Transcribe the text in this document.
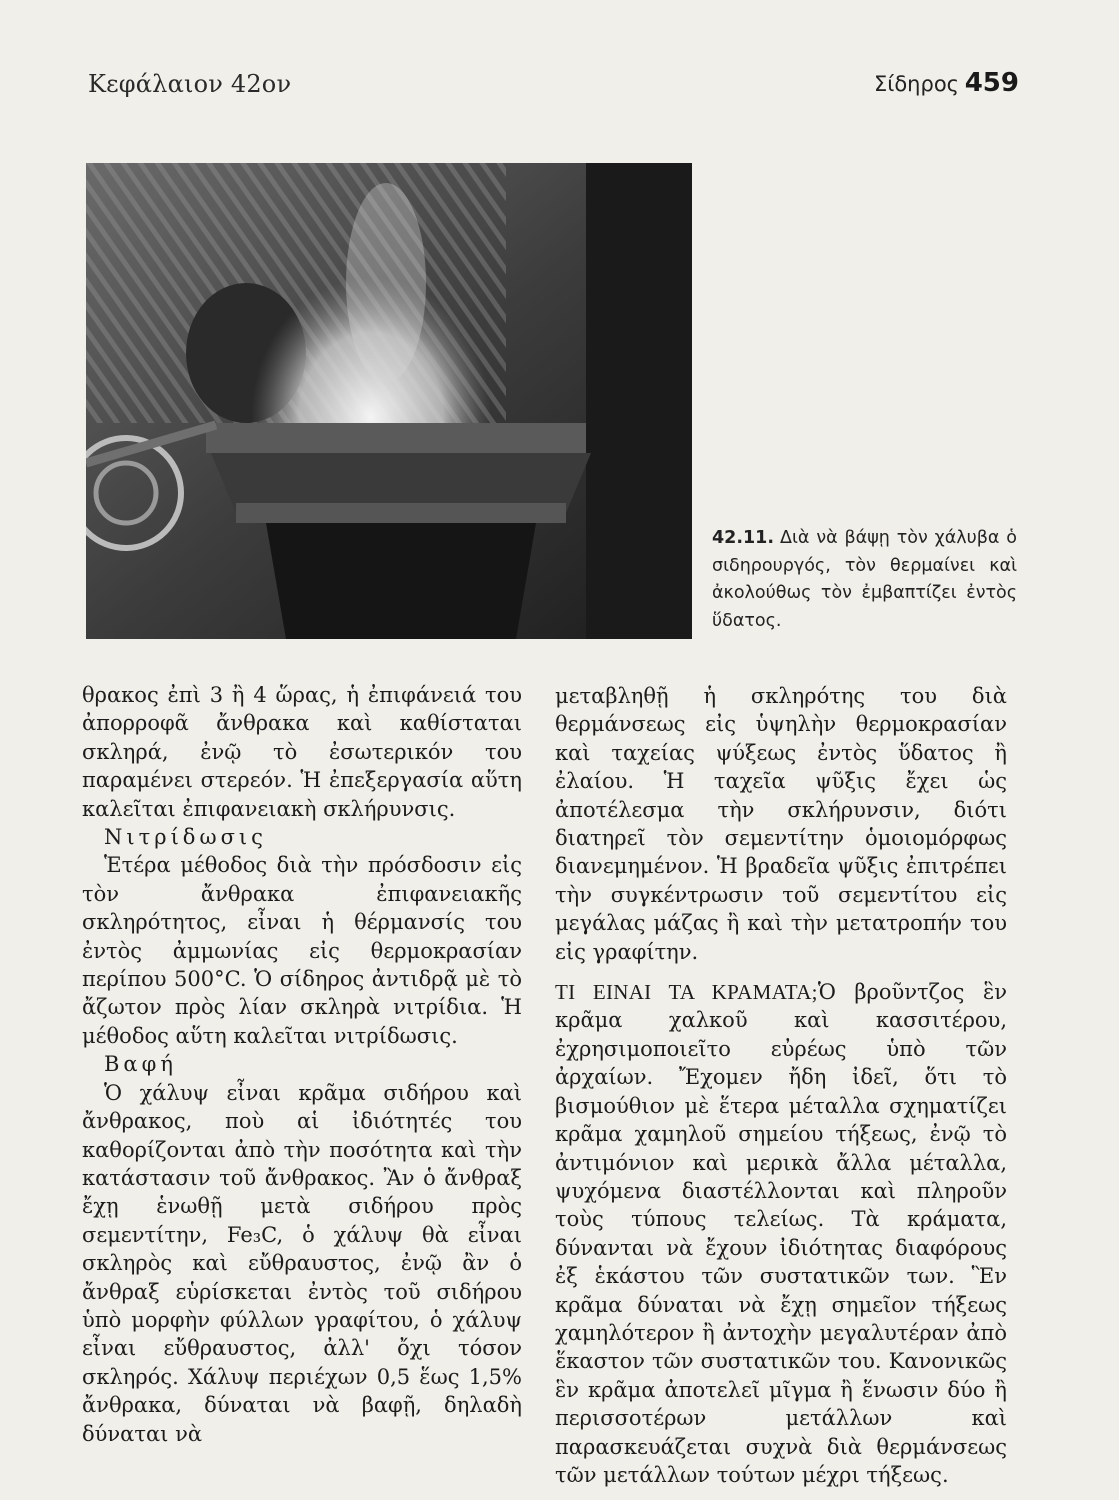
Κεφάλαιον 42ον	Σίδηρος 459
42.11. Διὰ νὰ βάψῃ τὸν χάλυβα ὁ σιδηρουργός, τὸν θερμαίνει καὶ ἀκολούθως τὸν ἐμβαπτίζει ἐντὸς ὕδατος.

θρακος ἐπὶ 3 ἢ 4 ὥρας, ἡ ἐπιφάνειά του ἀπορροφᾶ ἄνθρακα καὶ καθίσταται σκληρά, ἐνῷ τὸ ἐσωτερικόν του παραμένει στερεόν. Ἡ ἐπεξεργασία αὕτη καλεῖται ἐπιφανειακὴ σκλήρυνσις.

Νιτρίδωσις

Ἑτέρα μέθοδος διὰ τὴν πρόσδοσιν εἰς τὸν ἄνθρακα ἐπιφανειακῆς σκληρότητος, εἶναι ἡ θέρμανσίς του ἐντὸς ἀμμωνίας εἰς θερμοκρασίαν περίπου 500°C. Ὁ σίδηρος ἀντιδρᾷ μὲ τὸ ἄζωτον πρὸς λίαν σκληρὰ νιτρίδια. Ἡ μέθοδος αὕτη καλεῖται νιτρίδωσις.

Βαφή

Ὁ χάλυψ εἶναι κρᾶμα σιδήρου καὶ ἄνθρακος, ποὺ αἱ ἰδιότητές του καθορίζονται ἀπὸ τὴν ποσότητα καὶ τὴν κατάστασιν τοῦ ἄνθρακος. Ἂν ὁ ἄνθραξ ἔχῃ ἑνωθῇ μετὰ σιδήρου πρὸς σεμεντίτην, Fe₃C, ὁ χάλυψ θὰ εἶναι σκληρὸς καὶ εὔθραυστος, ἐνῷ ἂν ὁ ἄνθραξ εὑρίσκεται ἐντὸς τοῦ σιδήρου ὑπὸ μορφὴν φύλλων γραφίτου, ὁ χάλυψ εἶναι εὔθραυστος, ἀλλ' ὄχι τόσον σκληρός. Χάλυψ περιέχων 0,5 ἕως 1,5% ἄνθρακα, δύναται νὰ βαφῇ, δηλαδὴ δύναται νὰ

μεταβληθῇ ἡ σκληρότης του διὰ θερμάνσεως εἰς ὑψηλὴν θερμοκρασίαν καὶ ταχείας ψύξεως ἐντὸς ὕδατος ἢ ἐλαίου. Ἡ ταχεῖα ψῦξις ἔχει ὡς ἀποτέλεσμα τὴν σκλήρυνσιν, διότι διατηρεῖ τὸν σεμεντίτην ὁμοιομόρφως διανεμημένον. Ἡ βραδεῖα ψῦξις ἐπιτρέπει τὴν συγκέντρωσιν τοῦ σεμεντίτου εἰς μεγάλας μάζας ἢ καὶ τὴν μετατροπήν του εἰς γραφίτην.

ΤΙ ΕΙΝΑΙ ΤΑ ΚΡΑΜΑΤΑ;Ὁ βροῦντζος ἓν κρᾶμα χαλκοῦ καὶ κασσιτέρου, ἐχρησιμοποιεῖτο εὐρέως ὑπὸ τῶν ἀρχαίων. Ἔχομεν ἤδη ἰδεῖ, ὅτι τὸ βισμούθιον μὲ ἕτερα μέταλλα σχηματίζει κρᾶμα χαμηλοῦ σημείου τήξεως, ἐνῷ τὸ ἀντιμόνιον καὶ μερικὰ ἄλλα μέταλλα, ψυχόμενα διαστέλλονται καὶ πληροῦν τοὺς τύπους τελείως. Τὰ κράματα, δύνανται νὰ ἔχουν ἰδιότητας διαφόρους ἐξ ἑκάστου τῶν συστατικῶν των. Ἓν κρᾶμα δύναται νὰ ἔχῃ σημεῖον τήξεως χαμηλότερον ἢ ἀντοχὴν μεγαλυτέραν ἀπὸ ἕκαστον τῶν συστατικῶν του. Κανονικῶς ἓν κρᾶμα ἀποτελεῖ μῖγμα ἢ ἕνωσιν δύο ἢ περισσοτέρων μετάλλων καὶ παρασκευάζεται συχνὰ διὰ θερμάνσεως τῶν μετάλλων τούτων μέχρι τήξεως.
